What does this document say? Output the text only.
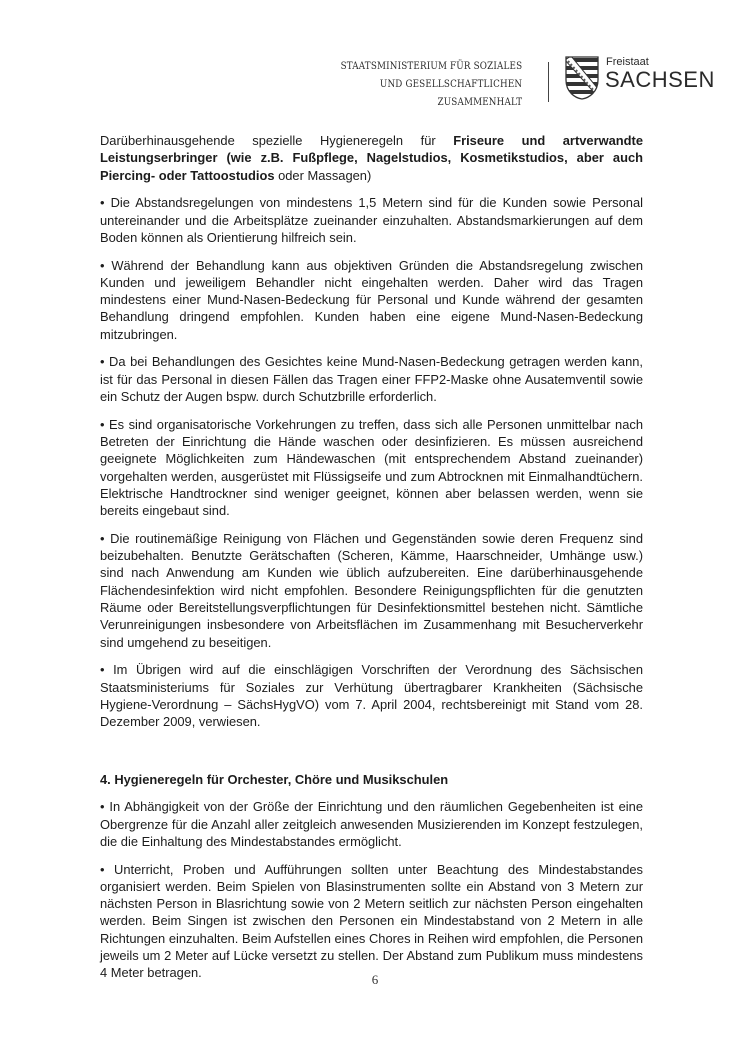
STAATSMINISTERIUM FÜR SOZIALES
UND GESELLSCHAFTLICHEN
ZUSAMMENHALT
Freistaat
SACHSEN

Darüberhinausgehende spezielle Hygieneregeln für Friseure und artverwandte Leistungserbringer (wie z.B. Fußpflege, Nagelstudios, Kosmetikstudios, aber auch Piercing- oder Tattoostudios oder Massagen)

• Die Abstandsregelungen von mindestens 1,5 Metern sind für die Kunden sowie Personal untereinander und die Arbeitsplätze zueinander einzuhalten. Abstandsmarkierungen auf dem Boden können als Orientierung hilfreich sein.

• Während der Behandlung kann aus objektiven Gründen die Abstandsregelung zwischen Kunden und jeweiligem Behandler nicht eingehalten werden. Daher wird das Tragen mindestens einer Mund-Nasen-Bedeckung für Personal und Kunde während der gesamten Behandlung dringend empfohlen. Kunden haben eine eigene Mund-Nasen-Bedeckung mitzubringen.

• Da bei Behandlungen des Gesichtes keine Mund-Nasen-Bedeckung getragen werden kann, ist für das Personal in diesen Fällen das Tragen einer FFP2-Maske ohne Ausatemventil sowie ein Schutz der Augen bspw. durch Schutzbrille erforderlich.

• Es sind organisatorische Vorkehrungen zu treffen, dass sich alle Personen unmittelbar nach Betreten der Einrichtung die Hände waschen oder desinfizieren. Es müssen ausreichend geeignete Möglichkeiten zum Händewaschen (mit entsprechendem Abstand zueinander) vorgehalten werden, ausgerüstet mit Flüssigseife und zum Abtrocknen mit Einmalhandtüchern. Elektrische Handtrockner sind weniger geeignet, können aber belassen werden, wenn sie bereits eingebaut sind.

• Die routinemäßige Reinigung von Flächen und Gegenständen sowie deren Frequenz sind beizubehalten. Benutzte Gerätschaften (Scheren, Kämme, Haarschneider, Umhänge usw.) sind nach Anwendung am Kunden wie üblich aufzubereiten. Eine darüberhinausgehende Flächendesinfektion wird nicht empfohlen. Besondere Reinigungspflichten für die genutzten Räume oder Bereitstellungsverpflichtungen für Desinfektionsmittel bestehen nicht. Sämtliche Verunreinigungen insbesondere von Arbeitsflächen im Zusammenhang mit Besucherverkehr sind umgehend zu beseitigen.

• Im Übrigen wird auf die einschlägigen Vorschriften der Verordnung des Sächsischen Staatsministeriums für Soziales zur Verhütung übertragbarer Krankheiten (Sächsische Hygiene-Verordnung – SächsHygVO) vom 7. April 2004, rechtsbereinigt mit Stand vom 28. Dezember 2009, verwiesen.

4. Hygieneregeln für Orchester, Chöre und Musikschulen

• In Abhängigkeit von der Größe der Einrichtung und den räumlichen Gegebenheiten ist eine Obergrenze für die Anzahl aller zeitgleich anwesenden Musizierenden im Konzept festzulegen, die die Einhaltung des Mindestabstandes ermöglicht.

• Unterricht, Proben und Aufführungen sollten unter Beachtung des Mindestabstandes organisiert werden. Beim Spielen von Blasinstrumenten sollte ein Abstand von 3 Metern zur nächsten Person in Blasrichtung sowie von 2 Metern seitlich zur nächsten Person eingehalten werden. Beim Singen ist zwischen den Personen ein Mindestabstand von 2 Metern in alle Richtungen einzuhalten. Beim Aufstellen eines Chores in Reihen wird empfohlen, die Personen jeweils um 2 Meter auf Lücke versetzt zu stellen. Der Abstand zum Publikum muss mindestens 4 Meter betragen.	6
